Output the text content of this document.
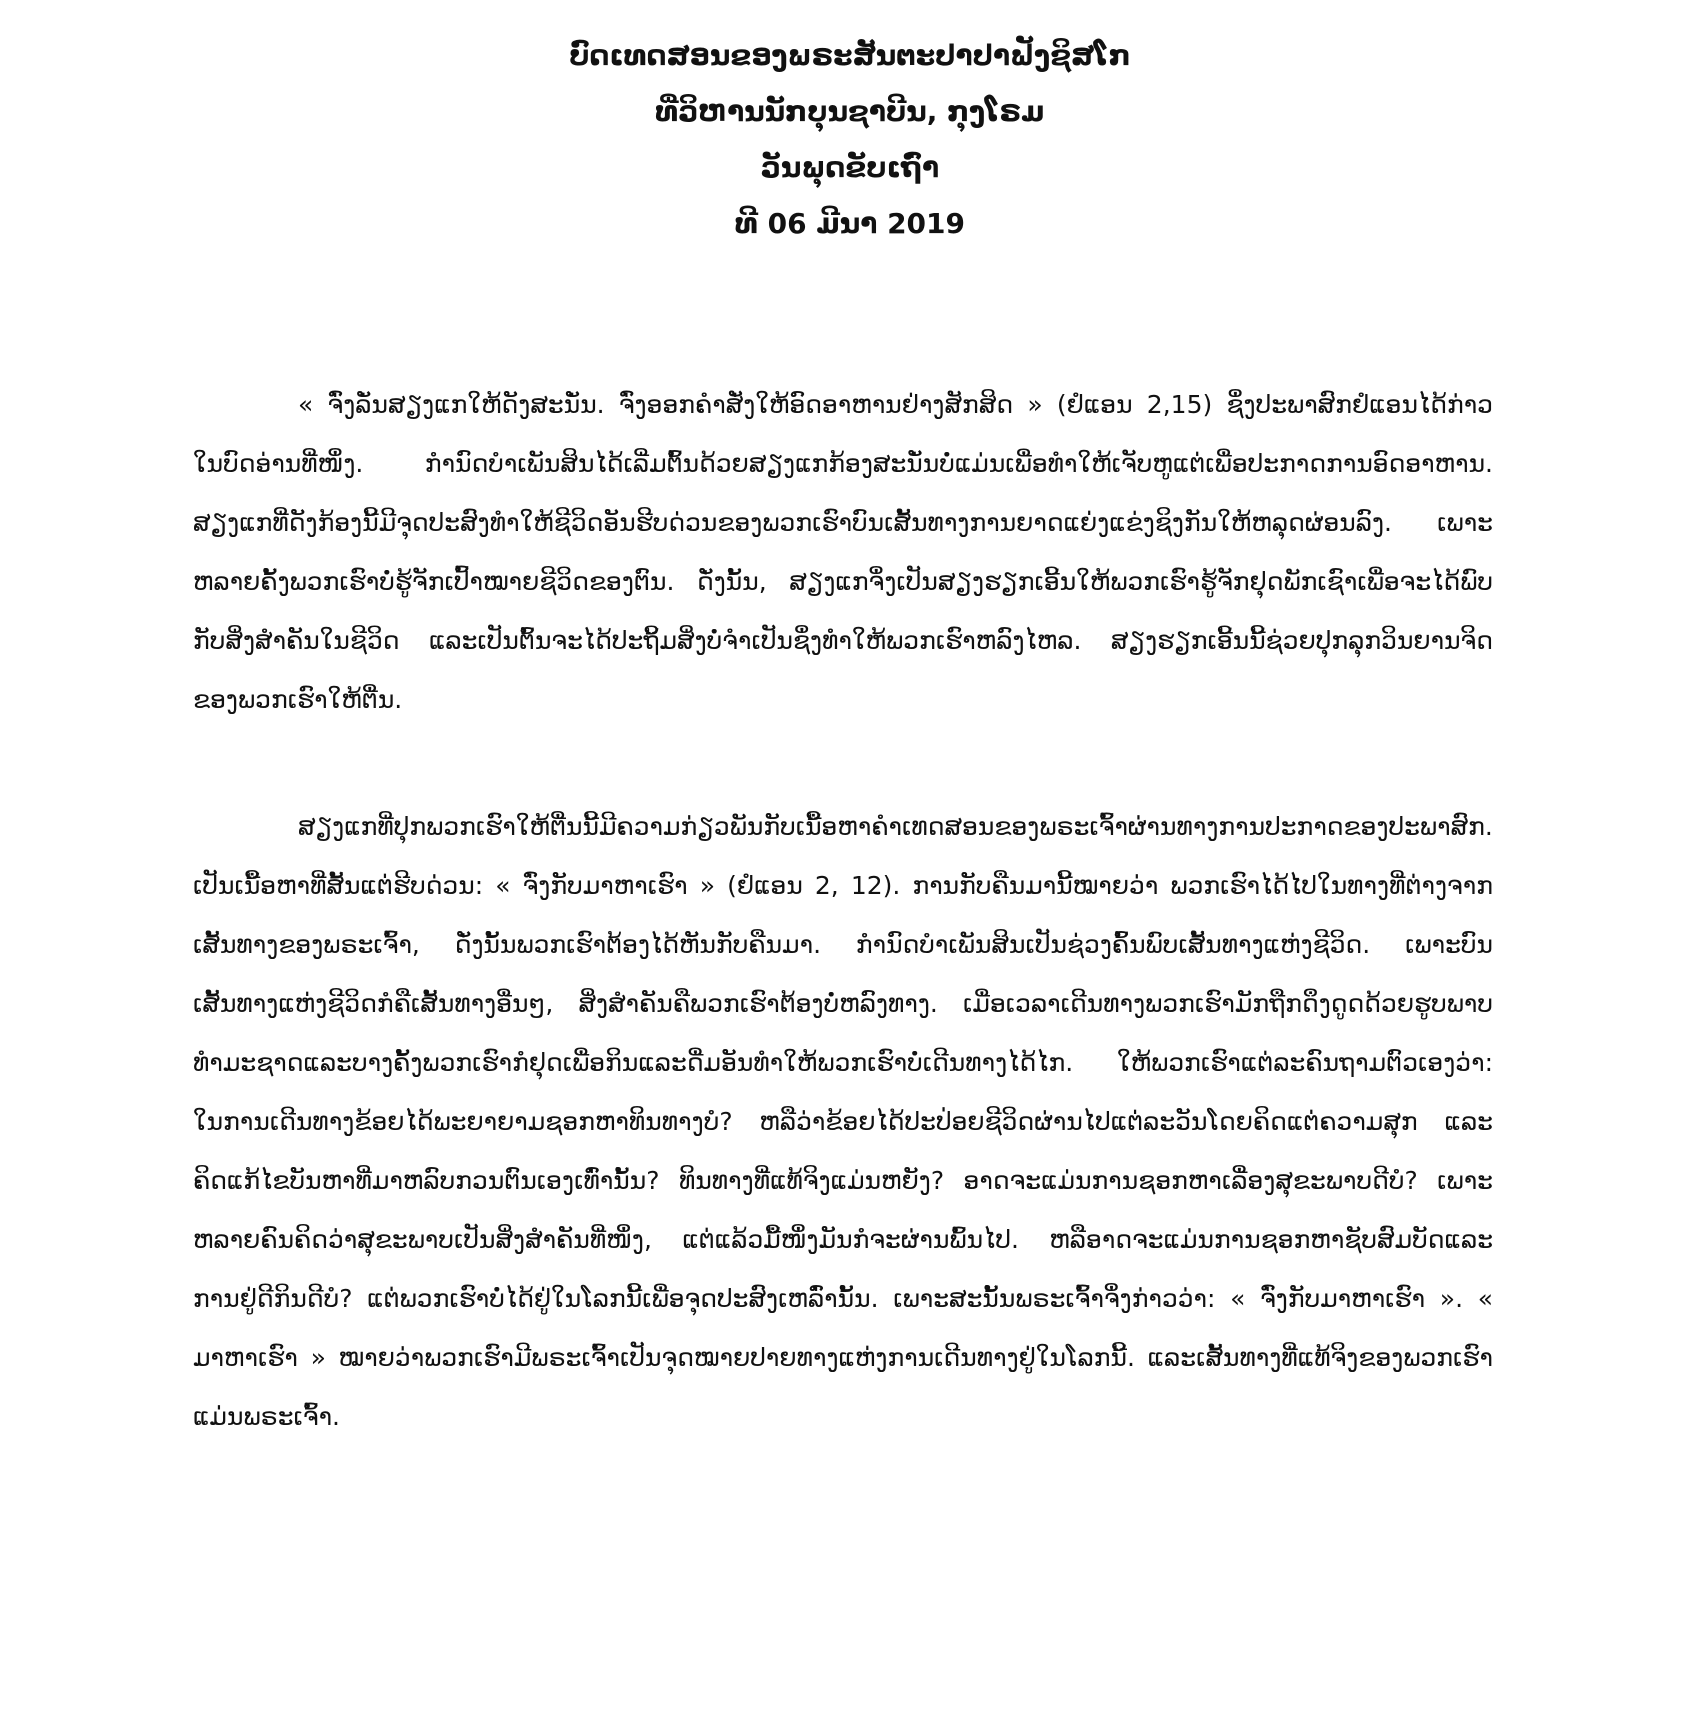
ບົດເທດສອນຂອງພຣະສັນຕະປາປາຟັງຊິສໂກ
ທີ່ວິຫານນັກບຸນຊາບີນ, ກຸງໂຣມ
ວັນພຸດຂັບເຖົ່າ
ທີ 06 ມີນາ 2019

« ຈົ່ງລັ່ນສຽງແກໃຫ້ດັງສະນັ່ນ. ຈົ່ງອອກຄຳສັ່ງໃຫ້ອົດອາຫານຢ່າງສັກສິດ » (ຢໍແອນ 2,15) ຊຶ່ງປະພາສົກຢໍແອນໄດ້ກ່າວໃນບົດອ່ານທີ່ໜຶ່ງ. ກຳນົດບຳເພັນສິນໄດ້ເລີ່ມຕົ້ນດ້ວຍສຽງແກກ້ອງສະນັ່ນບໍ່ແມ່ນເພື່ອທຳໃຫ້ເຈັບຫູແຕ່ເພື່ອປະກາດການອົດອາຫານ. ສຽງແກທີ່ດັງກ້ອງນີ້ມີຈຸດປະສົງທຳໃຫ້ຊີວິດອັນຮີບດ່ວນຂອງພວກເຮົາບົນເສັ້ນທາງການຍາດແຍ່ງແຂ່ງຊິງກັນໃຫ້ຫລຸດຜ່ອນລົງ. ເພາະຫລາຍຄັ້ງພວກເຮົາບໍ່ຮູ້ຈັກເປົ້າໝາຍຊີວິດຂອງຕົນ. ດັ່ງນັ້ນ, ສຽງແກຈຶ່ງເປັນສຽງຮຽກເອີ້ນໃຫ້ພວກເຮົາຮູ້ຈັກຢຸດພັກເຊົາເພື່ອຈະໄດ້ພົບກັບສິ່ງສຳຄັນໃນຊີວິດ ແລະເປັນຕົ້ນຈະໄດ້ປະຖິ້ມສິ່ງບໍ່ຈຳເປັນຊຶ່ງທຳໃຫ້ພວກເຮົາຫລົງໄຫລ. ສຽງຮຽກເອີ້ນນີ້ຊ່ວຍປຸກລຸກວິນຍານຈິດຂອງພວກເຮົາໃຫ້ຕື່ນ.

ສຽງແກທີ່ປຸກພວກເຮົາໃຫ້ຕື່ນນີ້ມີຄວາມກ່ຽວພັນກັບເນື້ອຫາຄຳເທດສອນຂອງພຣະເຈົ້າຜ່ານທາງການປະກາດຂອງປະພາສົກ. ເປັນເນື້ອຫາທີ່ສັ້ນແຕ່ຮີບດ່ວນ: « ຈົ່ງກັບມາຫາເຮົາ » (ຢໍແອນ 2, 12). ການກັບຄືນມານີ້ໝາຍວ່າ ພວກເຮົາໄດ້ໄປໃນທາງທີ່ຕ່າງຈາກເສັ້ນທາງຂອງພຣະເຈົ້າ, ດັ່ງນັ້ນພວກເຮົາຕ້ອງໄດ້ຫັນກັບຄືນມາ. ກຳນົດບຳເພັນສິນເປັນຊ່ວງຄົ້ນພົບເສັ້ນທາງແຫ່ງຊີວິດ. ເພາະບົນເສັ້ນທາງແຫ່ງຊີວິດກໍຄືເສັ້ນທາງອື່ນໆ, ສິ່ງສຳຄັນຄືພວກເຮົາຕ້ອງບໍ່ຫລົງທາງ. ເມື່ອເວລາເດີນທາງພວກເຮົາມັກຖືກດຶງດູດດ້ວຍຮູບພາບທຳມະຊາດແລະບາງຄັ້ງພວກເຮົາກໍຢຸດເພື່ອກິນແລະດື່ມອັນທຳໃຫ້ພວກເຮົາບໍ່ເດີນທາງໄດ້ໄກ. ໃຫ້ພວກເຮົາແຕ່ລະຄົນຖາມຕົວເອງວ່າ: ໃນການເດີນທາງຂ້ອຍໄດ້ພະຍາຍາມຊອກຫາທິນທາງບໍ? ຫລືວ່າຂ້ອຍໄດ້ປະປ່ອຍຊີວິດຜ່ານໄປແຕ່ລະວັນໂດຍຄິດແຕ່ຄວາມສຸກ ແລະຄິດແກ້ໄຂບັນຫາທີ່ມາຫລົບກວນຕົນເອງເທົ່ານັ້ນ? ທິນທາງທີ່ແທ້ຈິງແມ່ນຫຍັງ? ອາດຈະແມ່ນການຊອກຫາເລື່ອງສຸຂະພາບດີບໍ? ເພາະຫລາຍຄົນຄິດວ່າສຸຂະພາບເປັນສິ່ງສຳຄັນທີ່ໜຶ່ງ, ແຕ່ແລ້ວມື້ໜຶ່ງມັນກໍຈະຜ່ານພົ້ນໄປ. ຫລືອາດຈະແມ່ນການຊອກຫາຊັບສົມບັດແລະການຢູ່ດີກິນດີບໍ? ແຕ່ພວກເຮົາບໍ່ໄດ້ຢູ່ໃນໂລກນີ້ເພື່ອຈຸດປະສົງເຫລົ່ານັ້ນ. ເພາະສະນັ້ນພຣະເຈົ້າຈຶ່ງກ່າວວ່າ: « ຈົ່ງກັບມາຫາເຮົາ ». « ມາຫາເຮົາ » ໝາຍວ່າພວກເຮົາມີພຣະເຈົ້າເປັນຈຸດໝາຍປາຍທາງແຫ່ງການເດີນທາງຢູ່ໃນໂລກນີ້. ແລະເສັ້ນທາງທີ່ແທ້ຈິງຂອງພວກເຮົາແມ່ນພຣະເຈົ້າ.
